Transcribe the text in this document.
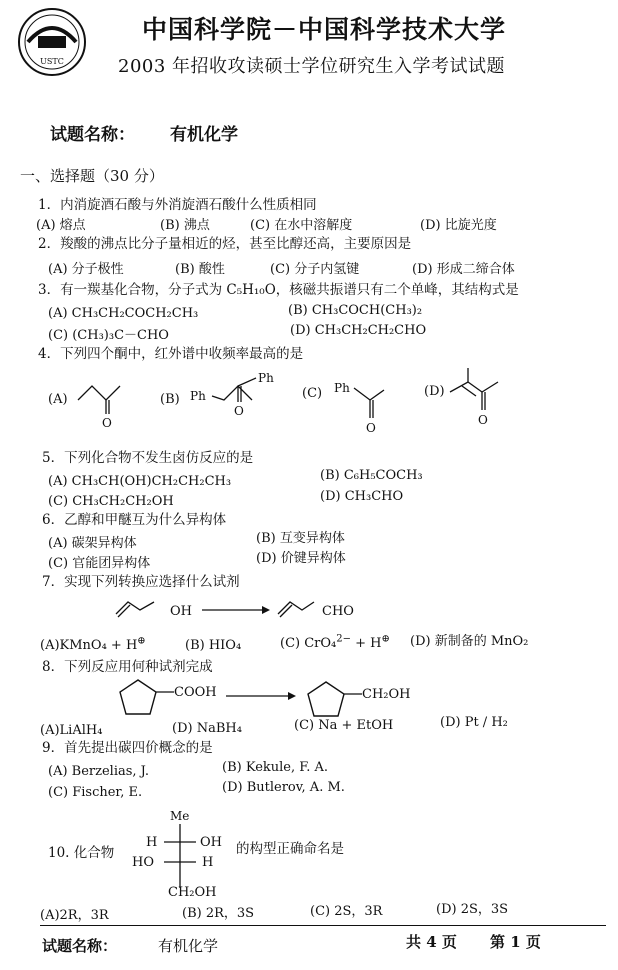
USTC
中国科学院－中国科学技术大学
2003 年招收攻读硕士学位研究生入学考试试题
试题名称： 有机化学
一、选择题（30 分）
1．内消旋酒石酸与外消旋酒石酸什么性质相同
(A) 熔点	(B) 沸点	(C) 在水中溶解度	(D) 比旋光度
2．羧酸的沸点比分子量相近的烃，甚至比醇还高，主要原因是
(A) 分子极性	(B) 酸性	(C) 分子内氢键	(D) 形成二缔合体
3．有一羰基化合物，分子式为 C₅H₁₀O，核磁共振谱只有二个单峰，其结构式是
(A) CH₃CH₂COCH₂CH₃	(B) CH₃COCH(CH₃)₂
(C) (CH₃)₃C－CHO	(D) CH₃CH₂CH₂CHO
4．下列四个酮中，红外谱中收频率最高的是
(A)
O
(B) Ph
Ph
O
(C) Ph
O
(D)
O
5．下列化合物不发生卤仿反应的是
(A) CH₃CH(OH)CH₂CH₂CH₃	(B) C₆H₅COCH₃
(C) CH₃CH₂CH₂OH	(D) CH₃CHO
6．乙醇和甲醚互为什么异构体
(A) 碳架异构体	(B) 互变异构体
(C) 官能团异构体	(D) 价键异构体
7．实现下列转换应选择什么试剂
OH	CHO
(A)KMnO₄ + H⊕	(B) HIO₄	(C) CrO₄$^{2-}$ + H⊕ (D) 新制备的 MnO₂
8．下列反应用何种试剂完成
COOH	CH₂OH
(A)LiAlH₄	(D) NaBH₄	(C) Na + EtOH	(D) Pt / H₂
9．首先提出碳四价概念的是
(A) Berzelias, J.	(B) Kekule, F. A.
(C) Fischer, E.	(D) Butlerov, A. M.
10. 化合物
Me
H	OH
HO	H
CH₂OH
的构型正确命名是
(A)2R，3R	(B) 2R，3S	(C) 2S，3R	(D) 2S，3S
试题名称：	有机化学	共 4 页 第 1 页
